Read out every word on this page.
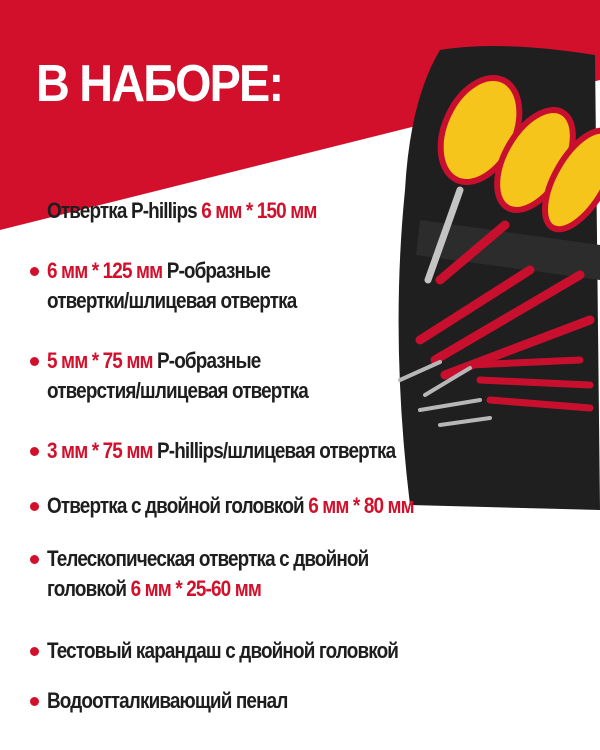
В НАБОРЕ:
Отвертка P-hillips 6 мм * 150 мм
6 мм * 125 мм P-образные
отвертки/шлицевая отвертка
5 мм * 75 мм P-образные
отверстия/шлицевая отвертка
3 мм * 75 мм P-hillips/шлицевая отвертка
Отвертка с двойной головкой 6 мм * 80 мм
Телескопическая отвертка с двойной
головкой 6 мм * 25-60 мм
Тестовый карандаш с двойной головкой
Водоотталкивающий пенал
